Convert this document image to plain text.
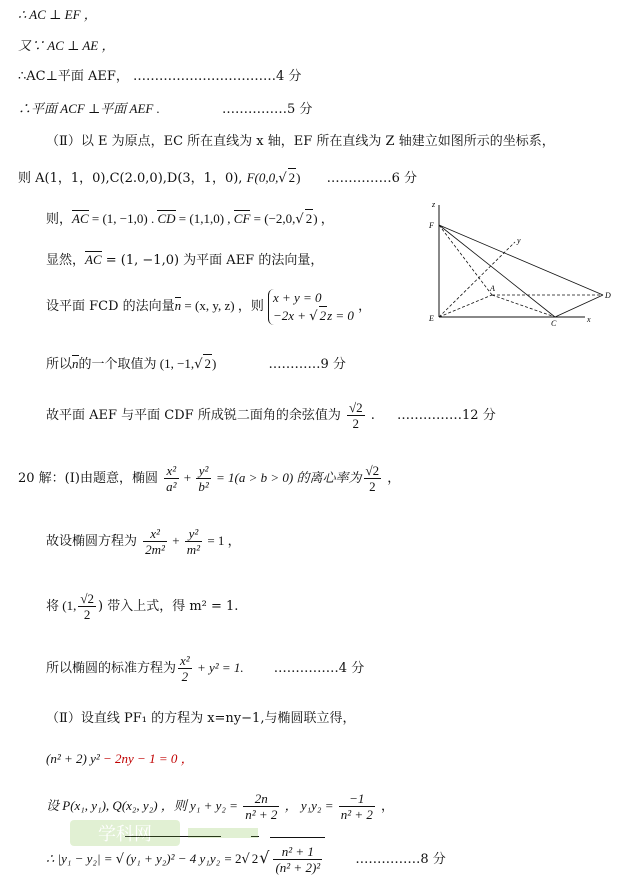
∴ AC ⊥ EF ，
又∵ AC ⊥ AE ，
∴AC⊥平面 AEF， ……………………………4 分
∴平面 ACF ⊥平面 AEF .	……………5 分
（Ⅱ）以 E 为原点，EC 所在直线为 x 轴，EF 所在直线为 Z 轴建立如图所示的坐标系，
则 A(1，1，0),C(2.0,0),D(3，1，0), F(0,0,√ 2) ……………6 分
则，AC = (1, −1,0) . CD = (1,1,0) , CF = (−2,0,√ 2) ，
显然，AC = (1, −1,0) 为平面 AEF 的法向量，
设平面 FCD 的法向量n = (x, y, z) ，则
x + y = 0
−2x + √ 2z = 0
，
所以n的一个取值为 (1, −1,√ 2)	…………9 分
故平面 AEF 与平面 CDF 所成锐二面角的余弦值为 $\frac{√2}{2}$ . ……………12 分
20 解：(Ⅰ)由题意，椭圆 $\frac{\text{x²}}{\text{a²}} + \frac{\text{y²}}{\text{b²}} = 1(a > b > 0)$ 的离心率为 $\frac{√2}{2}$ ，
故设椭圆方程为 $\frac{\text{x²}}{\text{2m²}} + \frac{\text{y²}}{\text{m²}} = 1$ ，
将 (1, $\frac{√2}{2}$ ) 带入上式，得 m² = 1.
所以椭圆的标准方程为 $\frac{\text{x²}}{2} + y^2 = 1$. ……………4 分
（Ⅱ）设直线 PF₁ 的方程为 x=ny−1,与椭圆联立得，
(n² + 2) y² − 2ny − 1 = 0 ，
设 P(x₁, y₁), Q(x₂, y₂) ，则 $y_1 + y_2 = \frac{2n}{\text{n² + 2}}$ ， $y_1y_2 = \frac{-1}{\text{n² + 2}}$ ，
∴ |y₁ − y₂| = √ (y₁ + y₂)² − 4 y₁y₂ = 2√ $2√ \frac{\text{n² + 1}}{\text{(n² + 2)²}}$	……………8 分
学科网
z
x
y
F
E
A
D
C
